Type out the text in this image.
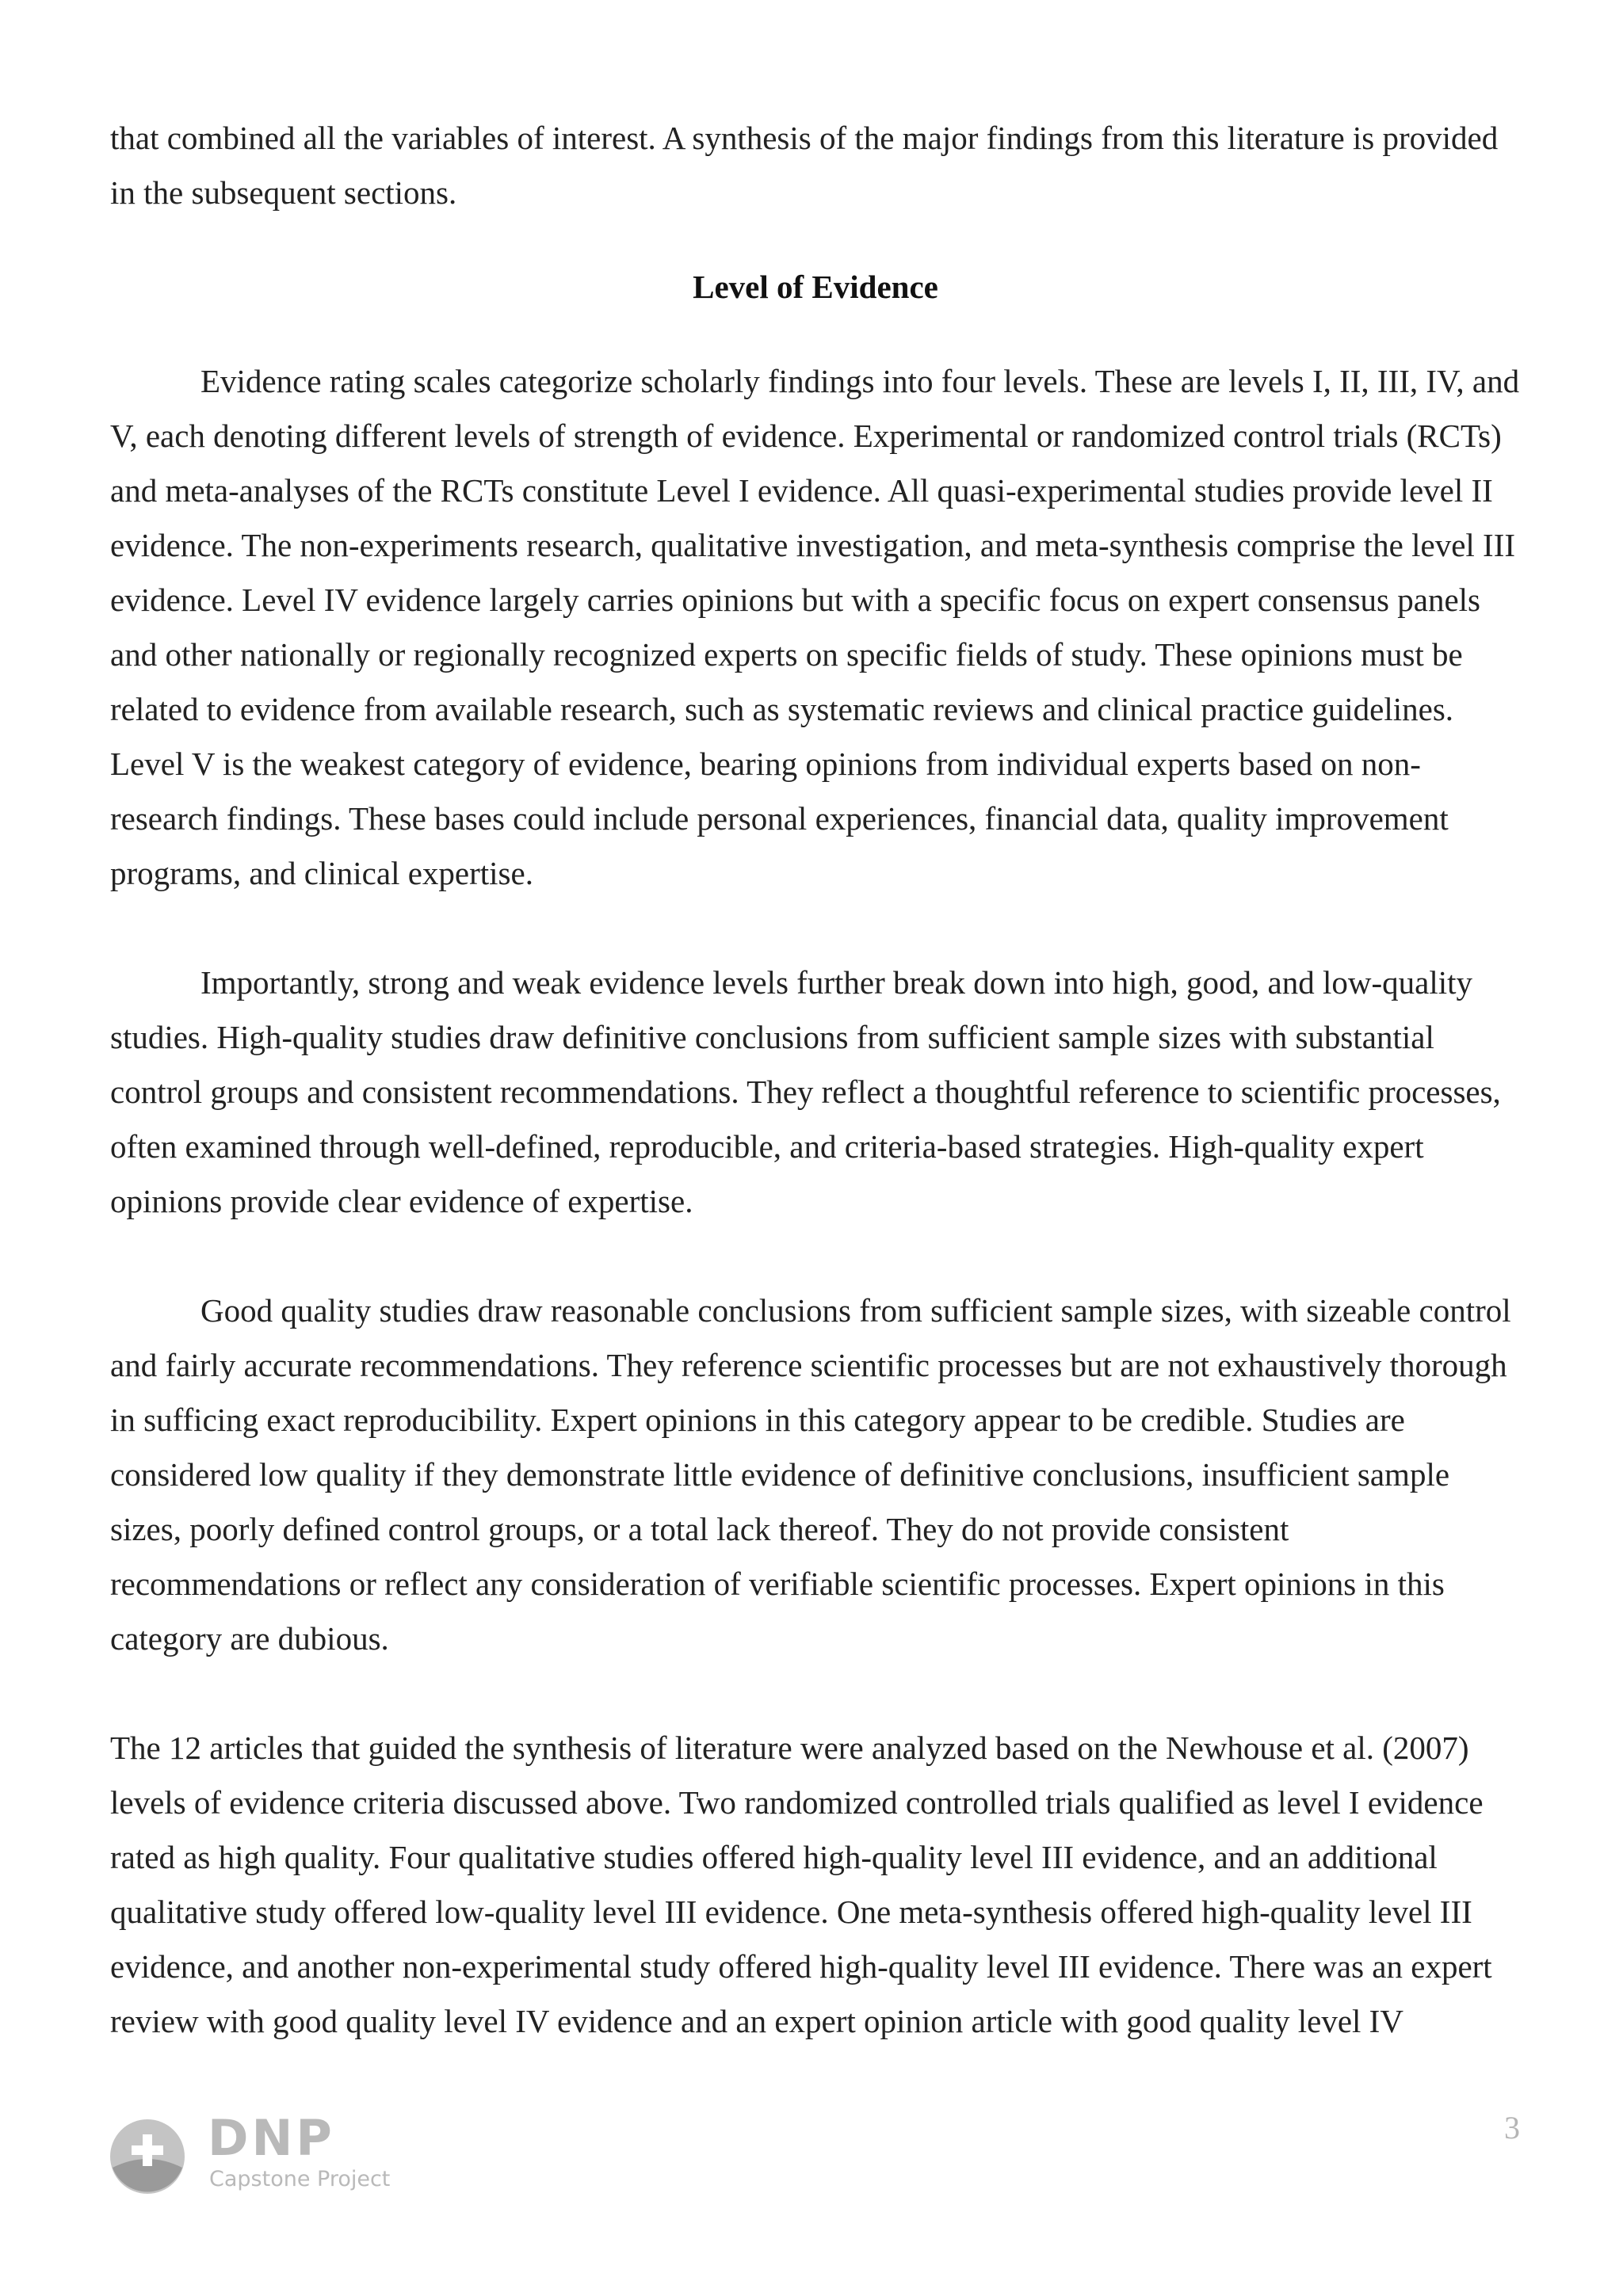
that combined all the variables of interest. A synthesis of the major findings from this literature is provided in the subsequent sections.

Level of Evidence

Evidence rating scales categorize scholarly findings into four levels. These are levels I, II, III, IV, and V, each denoting different levels of strength of evidence. Experimental or randomized control trials (RCTs) and meta-analyses of the RCTs constitute Level I evidence. All quasi-experimental studies provide level II evidence. The non-experiments research, qualitative investigation, and meta-synthesis comprise the level III evidence. Level IV evidence largely carries opinions but with a specific focus on expert consensus panels and other nationally or regionally recognized experts on specific fields of study. These opinions must be related to evidence from available research, such as systematic reviews and clinical practice guidelines. Level V is the weakest category of evidence, bearing opinions from individual experts based on non-research findings. These bases could include personal experiences, financial data, quality improvement programs, and clinical expertise.

Importantly, strong and weak evidence levels further break down into high, good, and low-quality studies. High-quality studies draw definitive conclusions from sufficient sample sizes with substantial control groups and consistent recommendations. They reflect a thoughtful reference to scientific processes, often examined through well-defined, reproducible, and criteria-based strategies. High-quality expert opinions provide clear evidence of expertise.

Good quality studies draw reasonable conclusions from sufficient sample sizes, with sizeable control and fairly accurate recommendations. They reference scientific processes but are not exhaustively thorough in sufficing exact reproducibility. Expert opinions in this category appear to be credible. Studies are considered low quality if they demonstrate little evidence of definitive conclusions, insufficient sample sizes, poorly defined control groups, or a total lack thereof. They do not provide consistent recommendations or reflect any consideration of verifiable scientific processes. Expert opinions in this category are dubious.

The 12 articles that guided the synthesis of literature were analyzed based on the Newhouse et al. (2007) levels of evidence criteria discussed above. Two randomized controlled trials qualified as level I evidence rated as high quality. Four qualitative studies offered high-quality level III evidence, and an additional qualitative study offered low-quality level III evidence. One meta-synthesis offered high-quality level III evidence, and another non-experimental study offered high-quality level III evidence. There was an expert review with good quality level IV evidence and an expert opinion article with good quality level IV

DNP
Capstone Project
3
